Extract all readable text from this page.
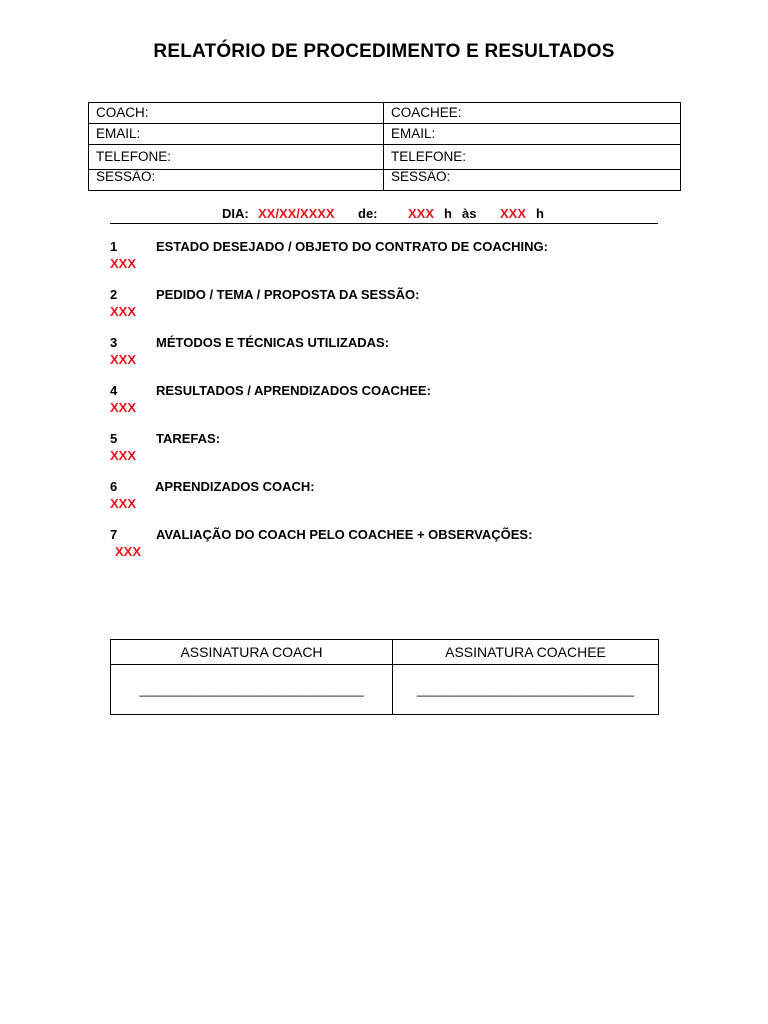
RELATÓRIO DE PROCEDIMENTO E RESULTADOS
COACH:	COACHEE:
EMAIL:	EMAIL:
TELEFONE:	TELEFONE:
SESSÃO:	SESSÃO:
DIA: XX/XX/XXXX de: XXX h às XXX h
1	ESTADO DESEJADO / OBJETO DO CONTRATO DE COACHING:
XXX
2	PEDIDO / TEMA / PROPOSTA DA SESSÃO:
XXX
3	MÉTODOS E TÉCNICAS UTILIZADAS:
XXX
4	RESULTADOS / APRENDIZADOS COACHEE:
XXX
5	TAREFAS:
XXX
6	APRENDIZADOS COACH:
XXX
7	AVALIAÇÃO DO COACH PELO COACHEE + OBSERVAÇÕES:
XXX
ASSINATURA COACH	ASSINATURA COACHEE
_______________________________	______________________________
